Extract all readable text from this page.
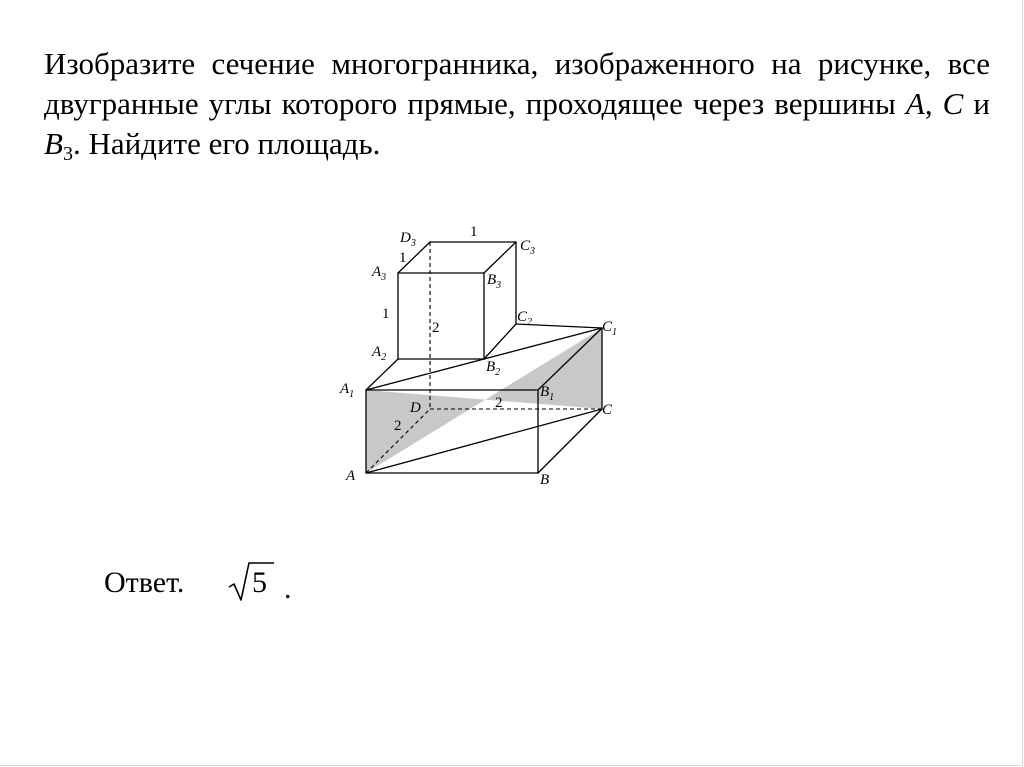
Изобразите сечение многогранника, изображенного на рисунке, все двугранные углы которого прямые, проходящее через вершины A, C и $B_3$. Найдите его площадь.

$D_3$	$C_3$
$A_3$	$B_3$
$C_2$	$C_1$
$A_2$
$B_2$
$A_1$	$B_1$
D	C
A	B
1
1
1
2
2
2
Ответ. 5 .
